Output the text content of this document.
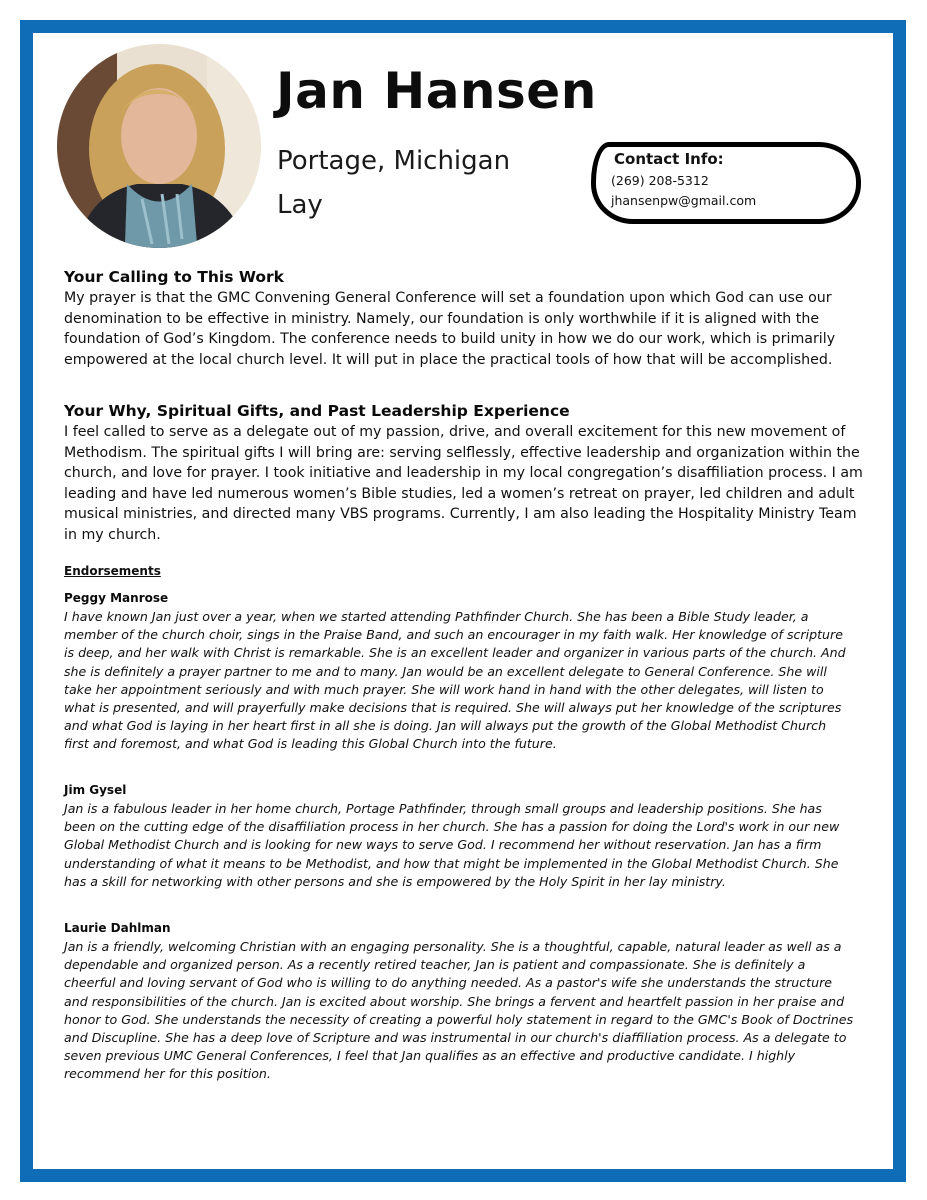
Jan Hansen
Portage, Michigan
Lay
Contact Info:
(269) 208-5312
jhansenpw@gmail.com
Your Calling to This Work

My prayer is that the GMC Convening General Conference will set a foundation upon which God can use our denomination to be effective in ministry. Namely, our foundation is only worthwhile if it is aligned with the foundation of God’s Kingdom. The conference needs to build unity in how we do our work, which is primarily empowered at the local church level. It will put in place the practical tools of how that will be accomplished.

Your Why, Spiritual Gifts, and Past Leadership Experience

I feel called to serve as a delegate out of my passion, drive, and overall excitement for this new movement of Methodism. The spiritual gifts I will bring are: serving selflessly, effective leadership and organization within the church, and love for prayer. I took initiative and leadership in my local congregation’s disaffiliation process. I am leading and have led numerous women’s Bible studies, led a women’s retreat on prayer, led children and adult musical ministries, and directed many VBS programs. Currently, I am also leading the Hospitality Ministry Team in my church.

Endorsements
Peggy Manrose

I have known Jan just over a year, when we started attending Pathfinder Church. She has been a Bible Study leader, a member of the church choir, sings in the Praise Band, and such an encourager in my faith walk. Her knowledge of scripture is deep, and her walk with Christ is remarkable. She is an excellent leader and organizer in various parts of the church. And she is definitely a prayer partner to me and to many. Jan would be an excellent delegate to General Conference. She will take her appointment seriously and with much prayer. She will work hand in hand with the other delegates, will listen to what is presented, and will prayerfully make decisions that is required. She will always put her knowledge of the scriptures and what God is laying in her heart first in all she is doing. Jan will always put the growth of the Global Methodist Church first and foremost, and what God is leading this Global Church into the future.

Jim Gysel

Jan is a fabulous leader in her home church, Portage Pathfinder, through small groups and leadership positions. She has been on the cutting edge of the disaffiliation process in her church. She has a passion for doing the Lord's work in our new Global Methodist Church and is looking for new ways to serve God. I recommend her without reservation. Jan has a firm understanding of what it means to be Methodist, and how that might be implemented in the Global Methodist Church. She has a skill for networking with other persons and she is empowered by the Holy Spirit in her lay ministry.

Laurie Dahlman

Jan is a friendly, welcoming Christian with an engaging personality. She is a thoughtful, capable, natural leader as well as a dependable and organized person. As a recently retired teacher, Jan is patient and compassionate. She is definitely a cheerful and loving servant of God who is willing to do anything needed. As a pastor's wife she understands the structure and responsibilities of the church. Jan is excited about worship. She brings a fervent and heartfelt passion in her praise and honor to God. She understands the necessity of creating a powerful holy statement in regard to the GMC's Book of Doctrines and Discupline. She has a deep love of Scripture and was instrumental in our church's diaffiliation process. As a delegate to seven previous UMC General Conferences, I feel that Jan qualifies as an effective and productive candidate. I highly recommend her for this position.
